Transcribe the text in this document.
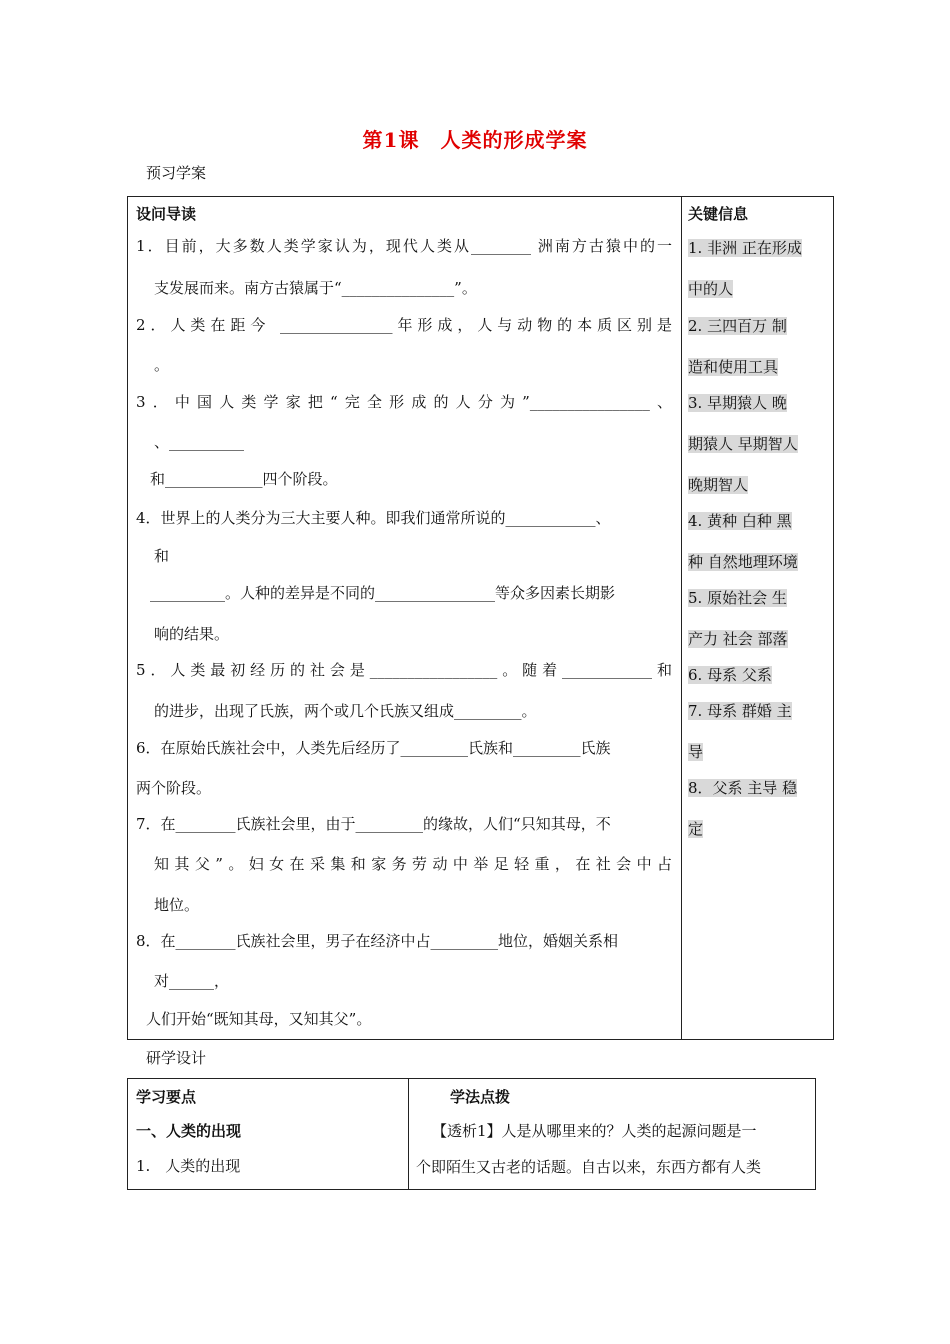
第1课　人类的形成学案
预习学案
设问导读
1．目前，大多数人类学家认为，现代人类从________ 洲南方古猿中的一
支发展而来。南方古猿属于“_______________”。
2．人类在距今 _______________年形成，人与动物的本质区别是
。
3．中国人类学家把“完全形成的人分为”________________、
、__________
和_____________四个阶段。
4．世界上的人类分为三大主要人种。即我们通常所说的____________、
和
__________。人种的差异是不同的________________等众多因素长期影
响的结果。
5．人类最初经历的社会是_________________。随着____________和
的进步，出现了氏族，两个或几个氏族又组成_________。
6．在原始氏族社会中，人类先后经历了_________氏族和_________氏族
两个阶段。
7．在________氏族社会里，由于_________的缘故，人们“只知其母，不
知其父”。妇女在采集和家务劳动中举足轻重，在社会中占
地位。
8．在________氏族社会里，男子在经济中占_________地位，婚姻关系相
对______，
人们开始“既知其母，又知其父”。
关键信息
1. 非洲 正在形成
中的人
2. 三四百万 制
造和使用工具
3. 早期猿人 晚
期猿人 早期智人
晚期智人
4. 黄种 白种 黑
种 自然地理环境
5. 原始社会 生
产力 社会 部落
6. 母系 父系
7. 母系 群婚 主
导
8．父系 主导 稳
定
研学设计
学习要点
一、人类的出现
1.　人类的出现
学法点拨
【透析1】人是从哪里来的？人类的起源问题是一
个即陌生又古老的话题。自古以来，东西方都有人类
